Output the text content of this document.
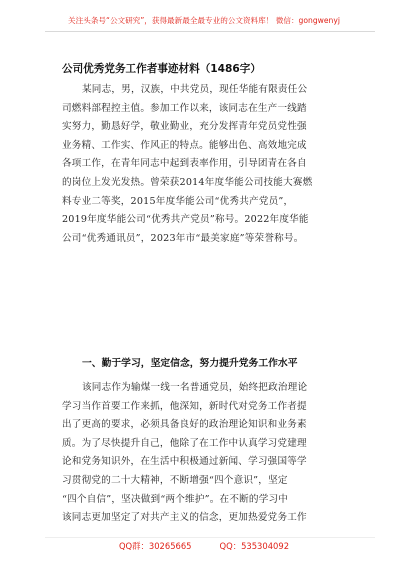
关注头条号“公文研究”，获得最新最全最专业的公文资料库！ 微信：gongwenyj
公司优秀党务工作者事迹材料（1486字）
某同志，男，汉族，中共党员，现任华能有限责任公
司燃料部程控主值。参加工作以来，该同志在生产一线踏
实努力，勤恳好学，敬业勤业，充分发挥青年党员党性强
业务精、工作实、作风正的特点。能够出色、高效地完成
各项工作，在青年同志中起到表率作用，引导团青在各自
的岗位上发光发热。曾荣获2014年度华能公司技能大赛燃
料专业二等奖，2015年度华能公司“优秀共产党员”，
2019年度华能公司“优秀共产党员”称号。2022年度华能
公司“优秀通讯员”，2023年市“最美家庭”等荣誉称号。
一、勤于学习，坚定信念，努力提升党务工作水平
该同志作为输煤一线一名普通党员，始终把政治理论
学习当作首要工作来抓，他深知，新时代对党务工作者提
出了更高的要求，必须具备良好的政治理论知识和业务素
质。为了尽快提升自己，他除了在工作中认真学习党建理
论和党务知识外，在生活中积极通过新闻、学习强国等学
习贯彻党的二十大精神，不断增强“四个意识”，坚定
“四个自信”，坚决做到“两个维护”。在不断的学习中
该同志更加坚定了对共产主义的信念，更加热爱党务工作
QQ群：30265665	QQ：535304092
